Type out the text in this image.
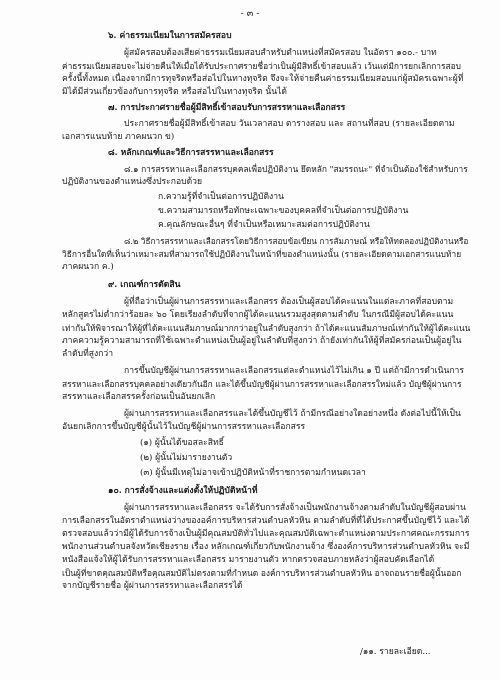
- ๓ -
๖. ค่าธรรมเนียมในการสมัครสอบ
ผู้สมัครสอบต้องเสียค่าธรรมเนียมสอบสำหรับตำแหน่งที่สมัครสอบ ในอัตรา ๑๐๐.- บาท
ค่าธรรมเนียมสอบจะไม่จ่ายคืนให้เมื่อได้รับประกาศรายชื่อว่าเป็นผู้มีสิทธิ์เข้าสอบแล้ว เว้นแต่มีการยกเลิกการสอบ
ครั้งนี้ทั้งหมด เนื่องจากมีการทุจริตหรือส่อไปในทางทุจริต จึงจะให้จ่ายคืนค่าธรรมเนียมสอบแก่ผู้สมัครเฉพาะผู้ที่
มิได้มีส่วนเกี่ยวข้องกับการทุจริต หรือส่อไปในทางทุจริต นั้นได้
๗. การประกาศรายชื่อผู้มีสิทธิ์เข้าสอบรับการสรรหาและเลือกสรร
ประกาศรายชื่อผู้มีสิทธิ์เข้าสอบ วันเวลาสอบ ตารางสอบ และ สถานที่สอบ (รายละเอียดตาม
เอกสารแนบท้าย ภาคผนวก ข)
๘. หลักเกณฑ์และวิธีการสรรหาและเลือกสรร
๘.๑ การสรรหาและเลือกสรรบุคคลเพื่อปฏิบัติงาน ยึดหลัก "สมรรถนะ" ที่จำเป็นต้องใช้สำหรับการ
ปฏิบัติงานของตำแหน่งซึ่งประกอบด้วย
ก.ความรู้ที่จำเป็นต่อการปฏิบัติงาน
ข.ความสามารถหรือทักษะเฉพาะของบุคคลที่จำเป็นต่อการปฏิบัติงาน
ค.คุณลักษณะอื่นๆ ที่จำเป็นหรือเหมาะสมต่อการปฏิบัติงาน
๘.๒ วิธีการสรรหาและเลือกสรรโดยวิธีการสอบข้อเขียน การสัมภาษณ์ หรือให้ทดลองปฏิบัติงานหรือ
วิธีการอื่นใดที่เห็นว่าเหมาะสมที่สามารถใช้ปฏิบัติงานในหน้าที่ของตำแหน่งนั้น (รายละเอียดตามเอกสารแนบท้าย
ภาคผนวก ค.)
๙. เกณฑ์การตัดสิน
ผู้ที่ถือว่าเป็นผู้ผ่านการสรรหาและเลือกสรร ต้องเป็นผู้สอบได้คะแนนในแต่ละภาคที่สอบตาม
หลักสูตรไม่ต่ำกว่าร้อยละ ๖๐ โดยเรียงลำดับที่จากผู้ได้คะแนนรวมสูงสุดตามลำดับ ในกรณีมีผู้สอบได้คะแนน
เท่ากันให้พิจารณาให้ผู้ที่ได้คะแนนสัมภาษณ์มากกว่าอยู่ในลำดับสูงกว่า ถ้าได้คะแนนสัมภาษณ์เท่ากันให้ผู้ได้คะแนน
ภาคความรู้ความสามารถที่ใช้เฉพาะตำแหน่งเป็นผู้อยู่ในลำดับที่สูงกว่า ถ้ายังเท่ากันให้ผู้ที่สมัครก่อนเป็นผู้อยู่ใน
ลำดับที่สูงกว่า
การขึ้นบัญชีผู้ผ่านการสรรหาและเลือกสรรแต่ละตำแหน่งไว้ไม่เกิน ๑ ปี แต่ถ้ามีการดำเนินการ
สรรหาและเลือกสรรบุคคลอย่างเดียวกันอีก และได้ขึ้นบัญชีผู้ผ่านการสรรหาและเลือกสรรใหม่แล้ว บัญชีผู้ผ่านการ
สรรหาและเลือกสรรครั้งก่อนเป็นอันยกเลิก
ผู้ผ่านการสรรหาและเลือกสรรและได้ขึ้นบัญชีไว้ ถ้ามีกรณีอย่างใดอย่างหนึ่ง ดังต่อไปนี้ให้เป็น
อันยกเลิกการขึ้นบัญชีผู้นั้นไว้ในบัญชีผู้ผ่านการสรรหาและเลือกสรร
(๑) ผู้นั้นได้ขอสละสิทธิ์
(๒) ผู้นั้นไม่มารายงานตัว
(๓) ผู้นั้นมีเหตุไม่อาจเข้าปฏิบัติหน้าที่ราชการตามกำหนดเวลา
๑๐. การสั่งจ้างและแต่งตั้งให้ปฏิบัติหน้าที่
ผู้ผ่านการสรรหาและเลือกสรร จะได้รับการสั่งจ้างเป็นพนักงานจ้างตามลำดับในบัญชีผู้สอบผ่าน
การเลือกสรรในอัตราตำแหน่งว่างของอค์การบริหารส่วนตำบลหัวหิน ตามลำดับที่ที่ได้ประกาศขึ้นบัญชีไว้ และได้
ตรวจสอบแล้วว่ามีผู้ได้รับการจ้างเป็นผู้มีคุณสมบัติทั่วไปและคุณสมบัติเฉพาะตำแหน่งตามประกาศคณะกรรมการ
พนักงานส่วนตำบลจังหวัดเชียงราย เรื่อง หลักเกณฑ์เกี่ยวกับพนักงานจ้าง ซึ่งองค์การบริหารส่วนตำบลหัวหิน จะมี
หนังสือแจ้งให้ผู้ได้รับการสรรหาและเลือกสรร มารายงานตัว หากตรวจสอบภายหลังว่าผู้สอบคัดเลือกได้
เป็นผู้ที่ขาดคุณสมบัติหรือคุณสมบัติไม่ตรงตามที่กำหนด องค์การบริหารส่วนตำบลหัวหิน อาจถอนรายชื่อผู้นั้นออก
จากบัญชีรายชื่อ ผู้ผ่านการสรรหาและเลือกสรรได้
/๑๑. รายละเอียด...
